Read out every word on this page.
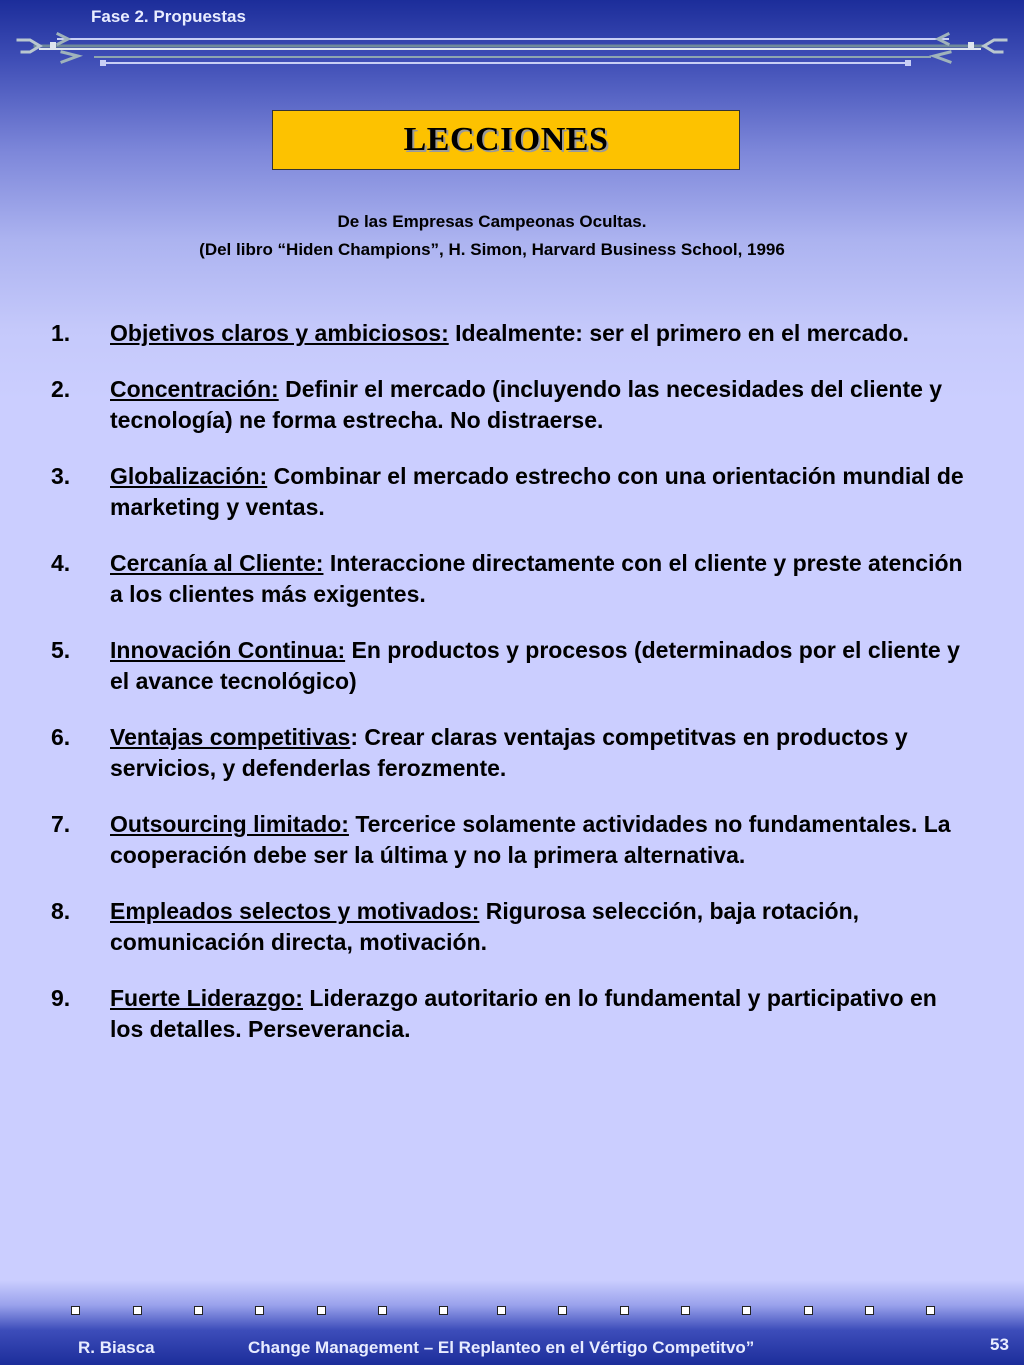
Fase 2. Propuestas
LECCIONES
De las Empresas Campeonas Ocultas.
(Del libro “Hiden Champions”, H. Simon, Harvard Business School, 1996
1. Objetivos claros y ambiciosos: Idealmente: ser el primero en el mercado.
2. Concentración: Definir el mercado (incluyendo las necesidades del cliente y tecnología) ne forma estrecha. No distraerse.
3. Globalización: Combinar el mercado estrecho con una orientación mundial de marketing y ventas.
4. Cercanía al Cliente: Interaccione directamente con el cliente y preste atención a los clientes más exigentes.
5. Innovación Continua: En productos y procesos (determinados por el cliente y el avance tecnológico)
6. Ventajas competitivas: Crear claras ventajas competitvas en productos y servicios, y defenderlas ferozmente.
7. Outsourcing limitado: Tercerice solamente actividades no fundamentales. La cooperación debe ser la última y no la primera alternativa.
8. Empleados selectos y motivados: Rigurosa selección, baja rotación, comunicación directa, motivación.
9. Fuerte Liderazgo: Liderazgo autoritario en lo fundamental y participativo en los detalles. Perseverancia.
R. Biasca	Change Management – El Replanteo en el Vértigo Competitvo”	53
